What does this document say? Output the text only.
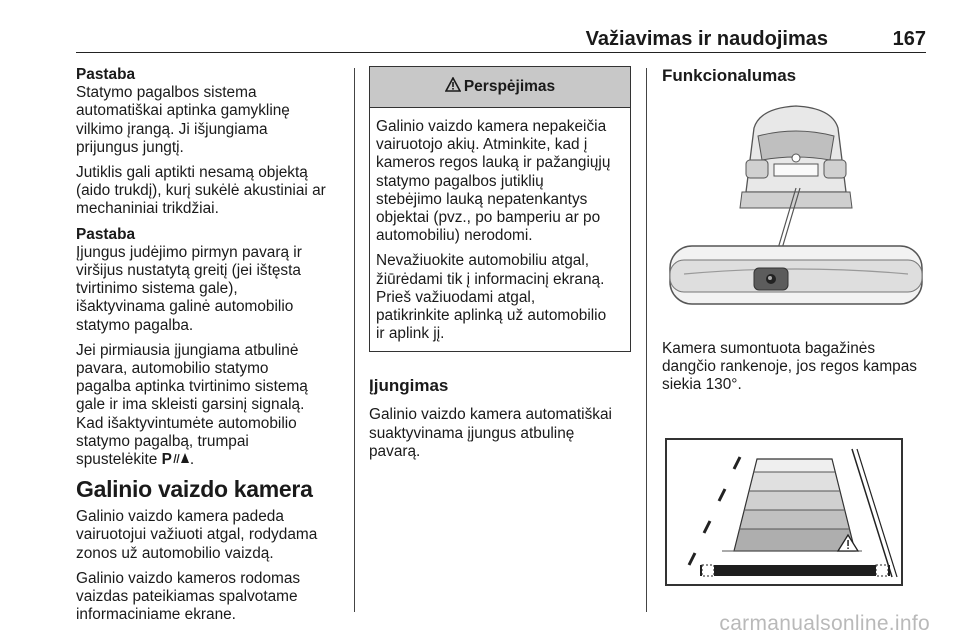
Važiavimas ir naudojimas	167
Pastaba

Statymo pagalbos sistema
automatiškai aptinka gamyklinę
vilkimo įrangą. Ji išjungiama
prijungus jungtį.

Jutiklis gali aptikti nesamą objektą
(aido trukdį), kurį sukėlė akustiniai ar
mechaniniai trikdžiai.

Pastaba

Įjungus judėjimo pirmyn pavarą ir
viršijus nustatytą greitį (jei ištęsta
tvirtinimo sistema gale),
išaktyvinama galinė automobilio
statymo pagalba.

Jei pirmiausia įjungiama atbulinė
pavara, automobilio statymo
pagalba aptinka tvirtinimo sistemą
gale ir ima skleisti garsinį signalą.
Kad išaktyvintumėte automobilio
statymo pagalbą, trumpai
spustelėkite P .

Galinio vaizdo kamera

Galinio vaizdo kamera padeda
vairuotojui važiuoti atgal, rodydama
zonos už automobilio vaizdą.

Galinio vaizdo kameros rodomas
vaizdas pateikiamas spalvotame
informaciniame ekrane.

Perspėjimas

Galinio vaizdo kamera nepakeičia
vairuotojo akių. Atminkite, kad į
kameros regos lauką ir pažangiųjų
statymo pagalbos jutiklių
stebėjimo lauką nepatenkantys
objektai (pvz., po bamperiu ar po
automobiliu) nerodomi.

Nevažiuokite automobiliu atgal,
žiūrėdami tik į informacinį ekraną.
Prieš važiuodami atgal,
patikrinkite aplinką už automobilio
ir aplink jį.

Įjungimas

Galinio vaizdo kamera automatiškai
suaktyvinama įjungus atbulinę
pavarą.

Funkcionalumas

Kamera sumontuota bagažinės
dangčio rankenoje, jos regos kampas
siekia 130°.

carmanualsonline.info
